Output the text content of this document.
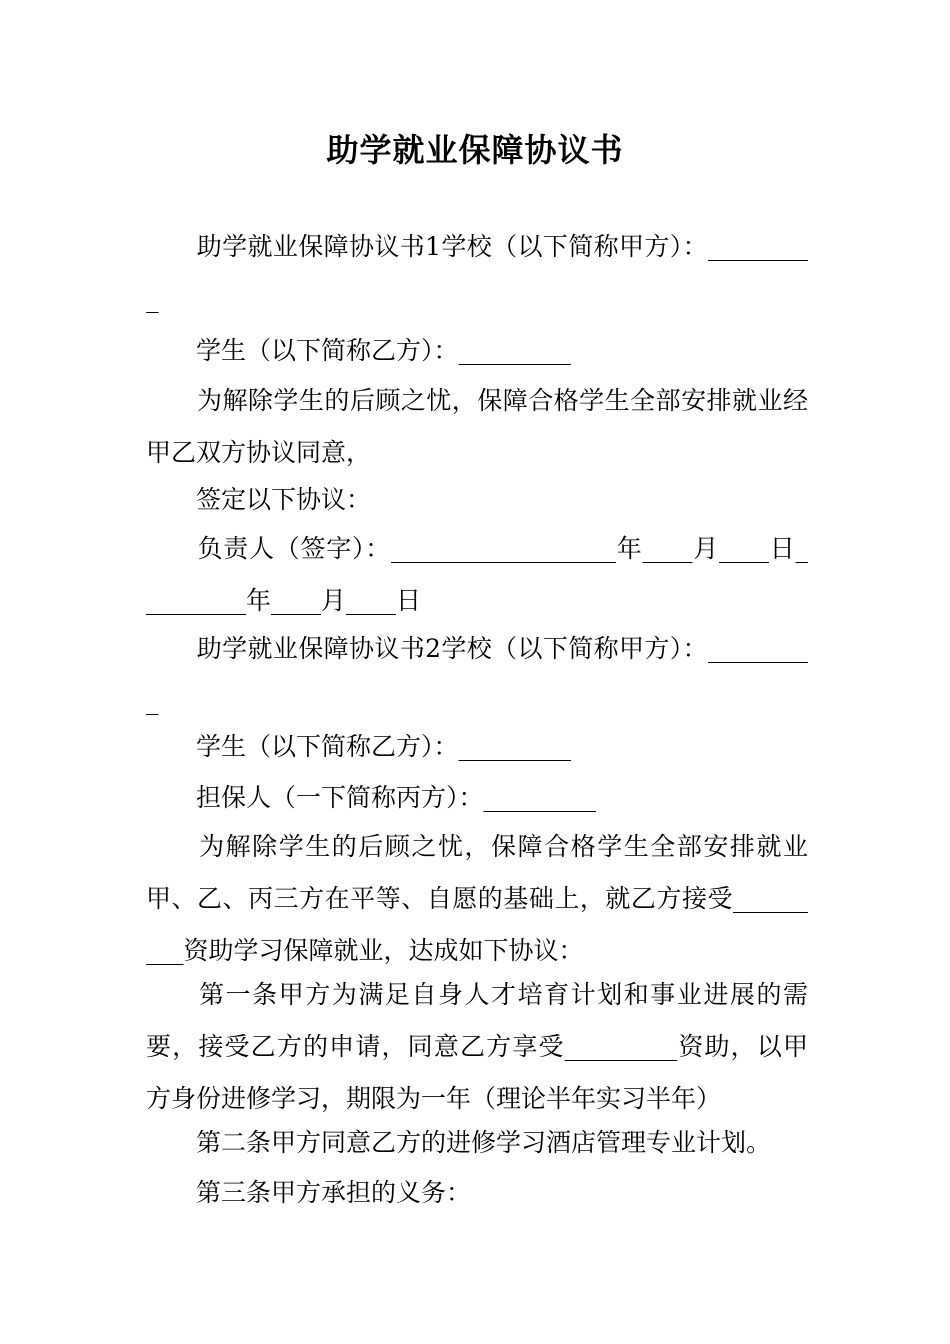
助学就业保障协议书
　　助学就业保障协议书1学校（以下简称甲方）：_________
　　学生（以下简称乙方）：_________
　　为解除学生的后顾之忧，保障合格学生全部安排就业经甲乙双方协议同意，
　　签定以下协议：
　　负责人（签字）：__________________年____月____日_________年____月____日
　　助学就业保障协议书2学校（以下简称甲方）：_________
　　学生（以下简称乙方）：_________
　　担保人（一下简称丙方）：_________
　　为解除学生的后顾之忧，保障合格学生全部安排就业甲、乙、丙三方在平等、自愿的基础上，就乙方接受_________资助学习保障就业，达成如下协议：
　　第一条甲方为满足自身人才培育计划和事业进展的需要，接受乙方的申请，同意乙方享受_________资助，以甲方身份进修学习，期限为一年（理论半年实习半年）
　　第二条甲方同意乙方的进修学习酒店管理专业计划。
　　第三条甲方承担的义务：
